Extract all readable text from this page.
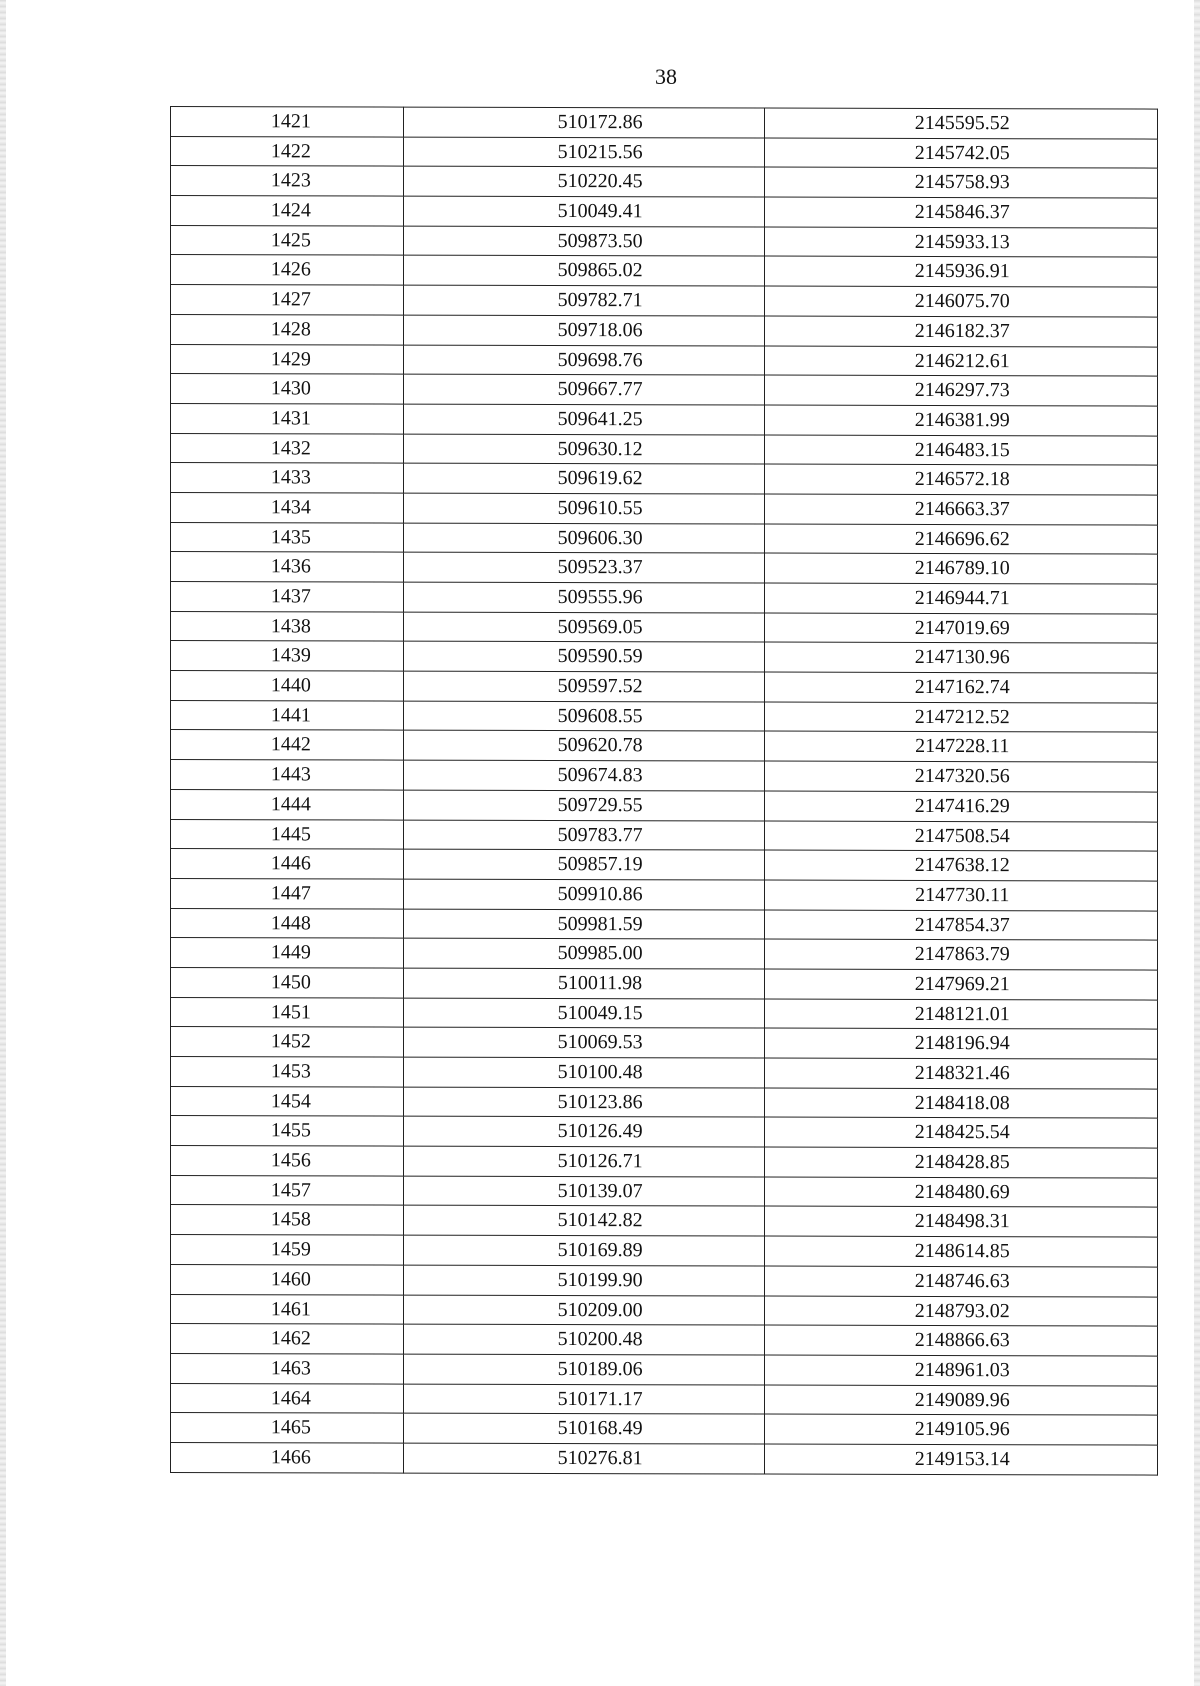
38
1421	510172.86	2145595.52

1422	510215.56	2145742.05

1423	510220.45	2145758.93

1424	510049.41	2145846.37

1425	509873.50	2145933.13

1426	509865.02	2145936.91

1427	509782.71	2146075.70

1428	509718.06	2146182.37

1429	509698.76	2146212.61

1430	509667.77	2146297.73

1431	509641.25	2146381.99

1432	509630.12	2146483.15

1433	509619.62	2146572.18

1434	509610.55	2146663.37

1435	509606.30	2146696.62

1436	509523.37	2146789.10

1437	509555.96	2146944.71

1438	509569.05	2147019.69

1439	509590.59	2147130.96

1440	509597.52	2147162.74

1441	509608.55	2147212.52

1442	509620.78	2147228.11

1443	509674.83	2147320.56

1444	509729.55	2147416.29

1445	509783.77	2147508.54

1446	509857.19	2147638.12

1447	509910.86	2147730.11

1448	509981.59	2147854.37

1449	509985.00	2147863.79

1450	510011.98	2147969.21

1451	510049.15	2148121.01

1452	510069.53	2148196.94

1453	510100.48	2148321.46

1454	510123.86	2148418.08

1455	510126.49	2148425.54

1456	510126.71	2148428.85

1457	510139.07	2148480.69

1458	510142.82	2148498.31

1459	510169.89	2148614.85

1460	510199.90	2148746.63

1461	510209.00	2148793.02

1462	510200.48	2148866.63

1463	510189.06	2148961.03

1464	510171.17	2149089.96

1465	510168.49	2149105.96

1466	510276.81	2149153.14
